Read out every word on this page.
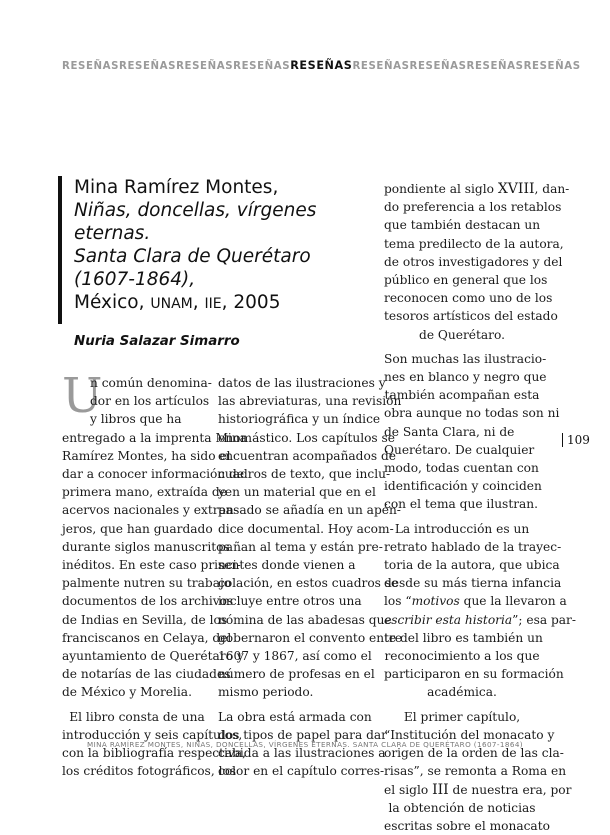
RESEÑASRESEÑASRESEÑASRESEÑASRESEÑASRESEÑASRESEÑASRESEÑASRESEÑAS
Mina Ramírez Montes,
Niñas, doncellas, vírgenes eternas.
Santa Clara de Querétaro
(1607-1864),
México, UNAM, IIE, 2005
Nuria Salazar Simarro
U
n común denomina-
dor en los artículos
y libros que ha
entregado a la imprenta Mina
Ramírez Montes, ha sido el
dar a conocer información de
primera mano, extraída de
acervos nacionales y extran-
jeros, que han guardado
durante siglos manuscritos
inéditos. En este caso princi-
palmente nutren su trabajo
documentos de los archivos
de Indias en Sevilla, de los
franciscanos en Celaya, del
ayuntamiento de Querétaro y
de notarías de las ciudades
de México y Morelia.
El libro consta de una
introducción y seis capítulos,
con la bibliografía respectiva,
los créditos fotográficos, los
datos de las ilustraciones y
las abreviaturas, una revisión
historiográfica y un índice
onomástico. Los capítulos se
encuentran acompañados de
cuadros de texto, que inclu-
yen un material que en el
pasado se añadía en un apén-
dice documental. Hoy acom-
pañan al tema y están pre-
sentes donde vienen a
colación, en estos cuadros se
incluye entre otros una
nómina de las abadesas que
gobernaron el convento entre
1607 y 1867, así como el
número de profesas en el
mismo periodo.
La obra está armada con
dos tipos de papel para dar
cabida a las ilustraciones a
color en el capítulo corres-
pondiente al siglo XVIII, dan-
do preferencia a los retablos
que también destacan un
tema predilecto de la autora,
de otros investigadores y del
público en general que los
reconocen como uno de los
tesoros artísticos del estado
de Querétaro.
Son muchas las ilustracio-
nes en blanco y negro que
también acompañan esta
obra aunque no todas son ni
de Santa Clara, ni de
Querétaro. De cualquier
modo, todas cuentan con
identificación y coinciden
con el tema que ilustran.
La introducción es un
retrato hablado de la trayec-
toria de la autora, que ubica
desde su más tierna infancia
los “motivos que la llevaron a
escribir esta historia”; esa par-
te del libro es también un
reconocimiento a los que
participaron en su formación
académica.
El primer capítulo,
“Institución del monacato y
origen de la orden de las cla-
risas”, se remonta a Roma en
el siglo III de nuestra era, por
la obtención de noticias
escritas sobre el monacato
109
MINA RAMÍREZ MONTES, NIÑAS, DONCELLAS, VÍRGENES ETERNAS. SANTA CLARA DE QUERÉTARO (1607-1864)
